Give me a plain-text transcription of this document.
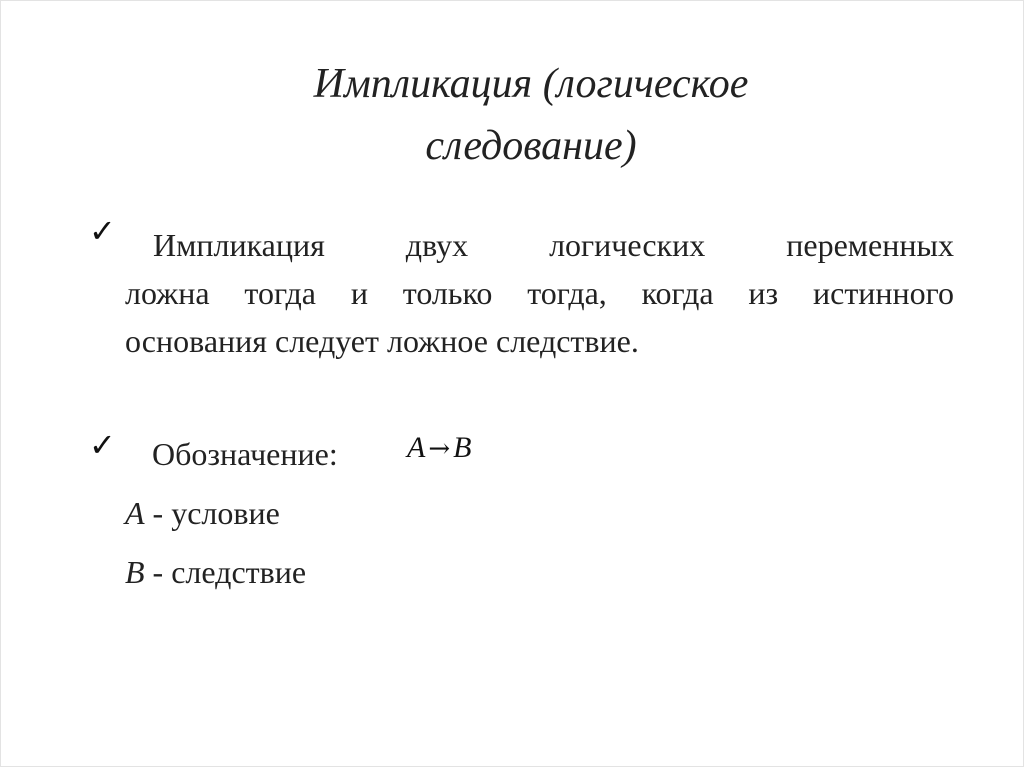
Импликация (логическое
следование)
✓	Импликация двух логических переменных
ложна тогда и только тогда, когда из истинного
основания следует ложное следствие.
✓ Обозначение: A → B
A - условие
B - следствие
